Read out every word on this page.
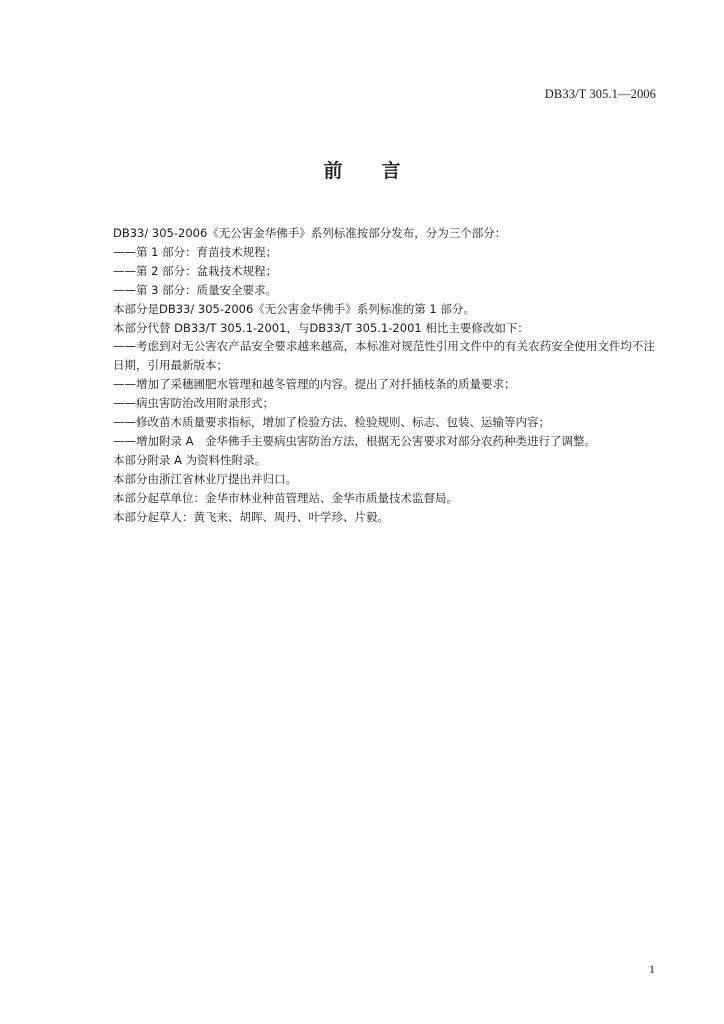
DB33/T 305.1—2006
前言
DB33/ 305-2006《无公害金华佛手》系列标准按部分发布，分为三个部分：
——第 1 部分：育苗技术规程；
——第 2 部分：盆栽技术规程；
——第 3 部分：质量安全要求。
本部分是DB33/ 305-2006《无公害金华佛手》系列标准的第 1 部分。
本部分代替 DB33/T 305.1-2001，与DB33/T 305.1-2001 相比主要修改如下：
——考虑到对无公害农产品安全要求越来越高，本标准对规范性引用文件中的有关农药安全使用文件均不注日期，引用最新版本；
——增加了采穗圃肥水管理和越冬管理的内容。提出了对扦插枝条的质量要求；
——病虫害防治改用附录形式；
——修改苗木质量要求指标，增加了检验方法、检验规则、标志、包装、运输等内容；
——增加附录 A　金华佛手主要病虫害防治方法，根据无公害要求对部分农药种类进行了调整。
本部分附录 A 为资料性附录。
本部分由浙江省林业厅提出并归口。
本部分起草单位：金华市林业种苗管理站、金华市质量技术监督局。
本部分起草人：黄飞来、胡晖、周丹、叶学珍、片毅。
1
